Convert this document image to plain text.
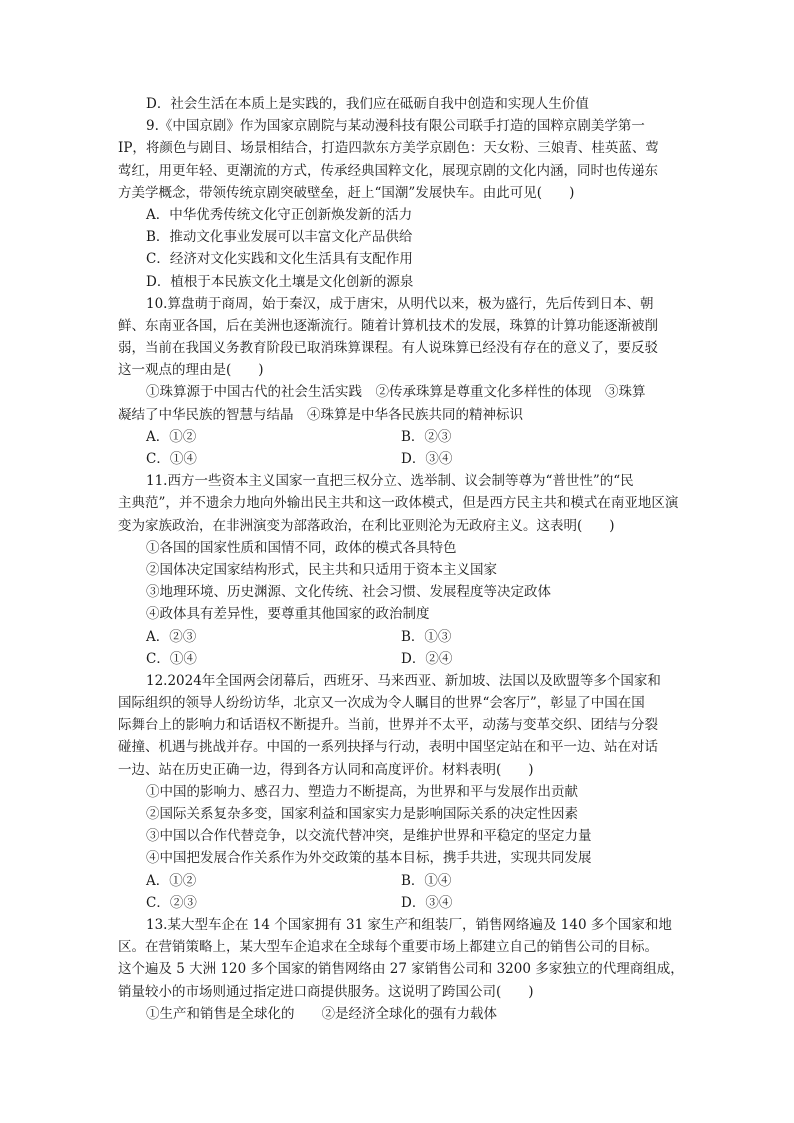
D．社会生活在本质上是实践的，我们应在砥砺自我中创造和实现人生价值
9.《中国京剧》作为国家京剧院与某动漫科技有限公司联手打造的国粹京剧美学第一
IP，将颜色与剧目、场景相结合，打造四款东方美学京剧色：天女粉、三娘青、桂英蓝、莺
莺红，用更年轻、更潮流的方式，传承经典国粹文化，展现京剧的文化内涵，同时也传递东
方美学概念，带领传统京剧突破壁垒，赶上“国潮”发展快车。由此可见(　　)
A．中华优秀传统文化守正创新焕发新的活力
B．推动文化事业发展可以丰富文化产品供给
C．经济对文化实践和文化生活具有支配作用
D．植根于本民族文化土壤是文化创新的源泉
10.算盘萌于商周，始于秦汉，成于唐宋，从明代以来，极为盛行，先后传到日本、朝
鲜、东南亚各国，后在美洲也逐渐流行。随着计算机技术的发展，珠算的计算功能逐渐被削
弱，当前在我国义务教育阶段已取消珠算课程。有人说珠算已经没有存在的意义了，要反驳
这一观点的理由是(　　)
①珠算源于中国古代的社会生活实践　②传承珠算是尊重文化多样性的体现　③珠算
凝结了中华民族的智慧与结晶　④珠算是中华各民族共同的精神标识
A．①②	B．②③
C．①④	D．③④
11.西方一些资本主义国家一直把三权分立、选举制、议会制等尊为“普世性”的“民
主典范”，并不遗余力地向外输出民主共和这一政体模式，但是西方民主共和模式在南亚地区演
变为家族政治，在非洲演变为部落政治，在利比亚则沦为无政府主义。这表明(　　)
①各国的国家性质和国情不同，政体的模式各具特色
②国体决定国家结构形式，民主共和只适用于资本主义国家
③地理环境、历史渊源、文化传统、社会习惯、发展程度等决定政体
④政体具有差异性，要尊重其他国家的政治制度
A．②③	B．①③
C．①④	D．②④
12.2024年全国两会闭幕后，西班牙、马来西亚、新加坡、法国以及欧盟等多个国家和
国际组织的领导人纷纷访华，北京又一次成为令人瞩目的世界“会客厅”，彰显了中国在国
际舞台上的影响力和话语权不断提升。当前，世界并不太平，动荡与变革交织、团结与分裂
碰撞、机遇与挑战并存。中国的一系列抉择与行动，表明中国坚定站在和平一边、站在对话
一边、站在历史正确一边，得到各方认同和高度评价。材料表明(　　)
①中国的影响力、感召力、塑造力不断提高，为世界和平与发展作出贡献
②国际关系复杂多变，国家利益和国家实力是影响国际关系的决定性因素
③中国以合作代替竞争，以交流代替冲突，是维护世界和平稳定的坚定力量
④中国把发展合作关系作为外交政策的基本目标，携手共进，实现共同发展
A．①②	B．①④
C．②③	D．③④
13.某大型车企在 14 个国家拥有 31 家生产和组装厂，销售网络遍及 140 多个国家和地
区。在营销策略上，某大型车企追求在全球每个重要市场上都建立自己的销售公司的目标。
这个遍及 5 大洲 120 多个国家的销售网络由 27 家销售公司和 3200 多家独立的代理商组成，
销量较小的市场则通过指定进口商提供服务。这说明了跨国公司(　　)
①生产和销售是全球化的　　②是经济全球化的强有力载体
